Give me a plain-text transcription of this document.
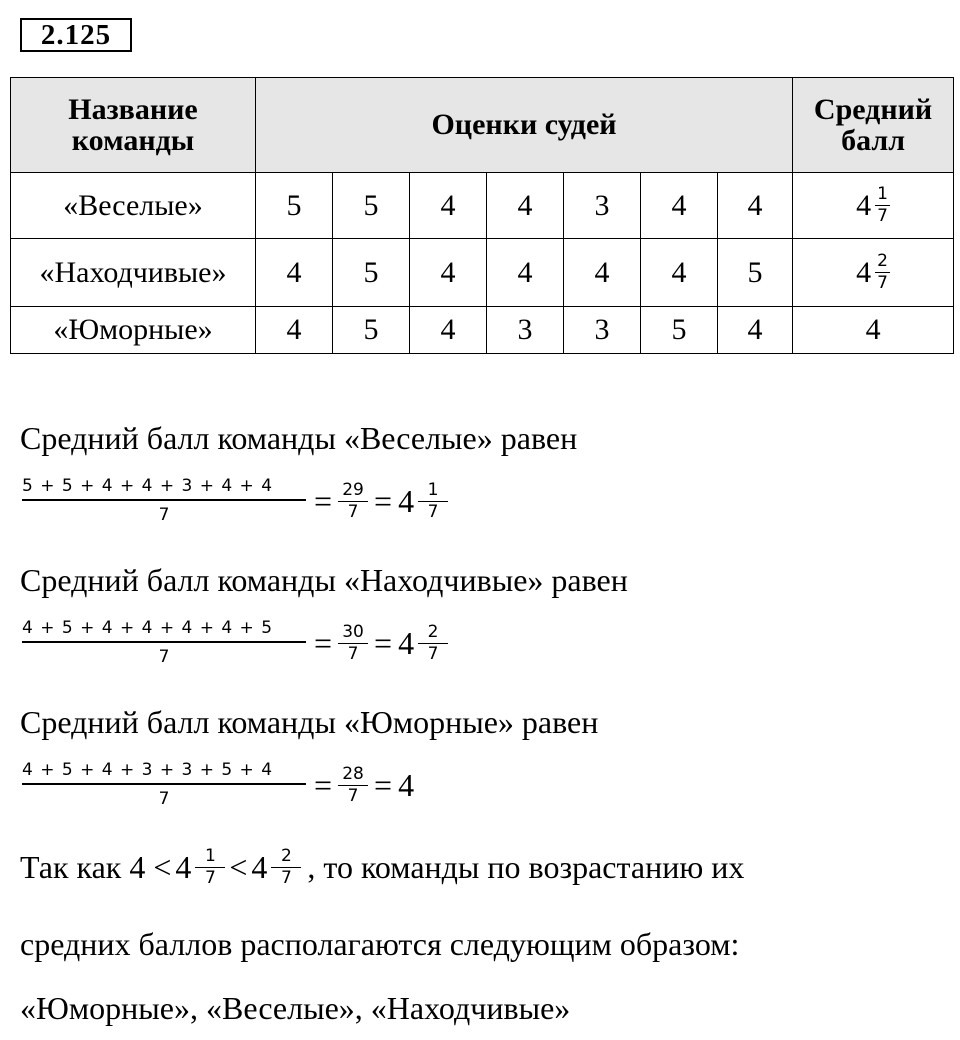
2.125
Название команды	Оценки судей							Средний балл
«Веселые»	5	5	4	4	3	4	4	$4 \frac{1}{7}$

«Находчивые»	4	5	4	4	4	4	5	$4 \frac{2}{7}$

«Юморные»	4	5	4	3	3	5	4	4
Средний балл команды «Веселые» равен
$\frac{5 + 5 + 4 + 4 + 3 + 4 + 4}{7} = \frac{29}{7} = 4 \frac{1}{7}$
Средний балл команды «Находчивые» равен
$\frac{4 + 5 + 4 + 4 + 4 + 4 + 5}{7} = \frac{30}{7} = 4 \frac{2}{7}$
Средний балл команды «Юморные» равен
$\frac{4 + 5 + 4 + 3 + 3 + 5 + 4}{7} = \frac{28}{7} = 4$
Так как $4 < 4 \frac{1}{7} < 4 \frac{2}{7}$ , то команды по возрастанию их
средних баллов располагаются следующим образом:
«Юморные», «Веселые», «Находчивые»
